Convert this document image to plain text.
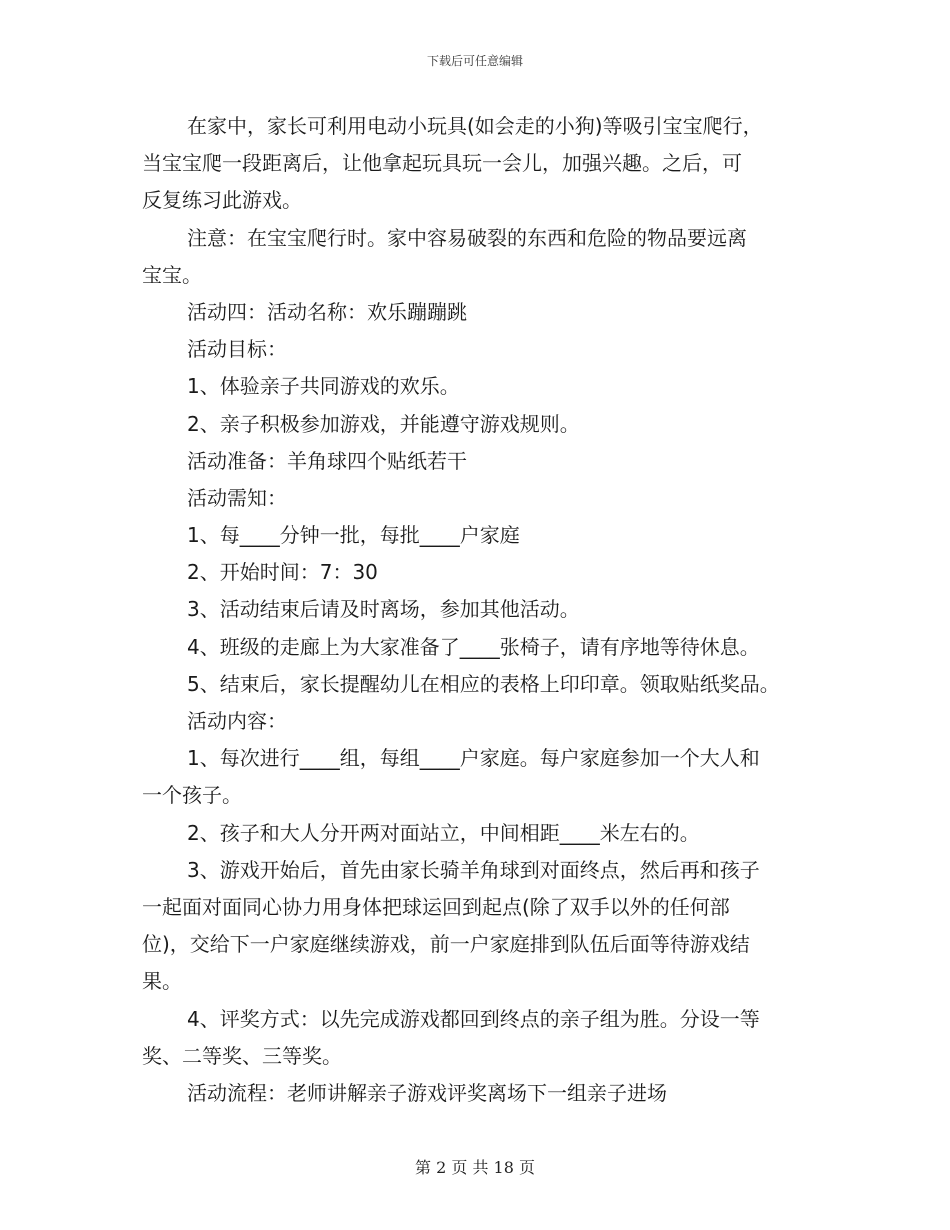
下载后可任意编辑
在家中，家长可利用电动小玩具(如会走的小狗)等吸引宝宝爬行，
当宝宝爬一段距离后，让他拿起玩具玩一会儿，加强兴趣。之后，可
反复练习此游戏。
注意：在宝宝爬行时。家中容易破裂的东西和危险的物品要远离
宝宝。
活动四：活动名称：欢乐蹦蹦跳
活动目标：
1、体验亲子共同游戏的欢乐。
2、亲子积极参加游戏，并能遵守游戏规则。
活动准备：羊角球四个贴纸若干
活动需知：
1、每____分钟一批，每批____户家庭
2、开始时间：7：30
3、活动结束后请及时离场，参加其他活动。
4、班级的走廊上为大家准备了____张椅子，请有序地等待休息。
5、结束后，家长提醒幼儿在相应的表格上印印章。领取贴纸奖品。
活动内容：
1、每次进行____组，每组____户家庭。每户家庭参加一个大人和
一个孩子。
2、孩子和大人分开两对面站立，中间相距____米左右的。
3、游戏开始后，首先由家长骑羊角球到对面终点，然后再和孩子
一起面对面同心协力用身体把球运回到起点(除了双手以外的任何部
位)，交给下一户家庭继续游戏，前一户家庭排到队伍后面等待游戏结
果。
4、评奖方式：以先完成游戏都回到终点的亲子组为胜。分设一等
奖、二等奖、三等奖。
活动流程：老师讲解亲子游戏评奖离场下一组亲子进场
第 2 页 共 18 页
